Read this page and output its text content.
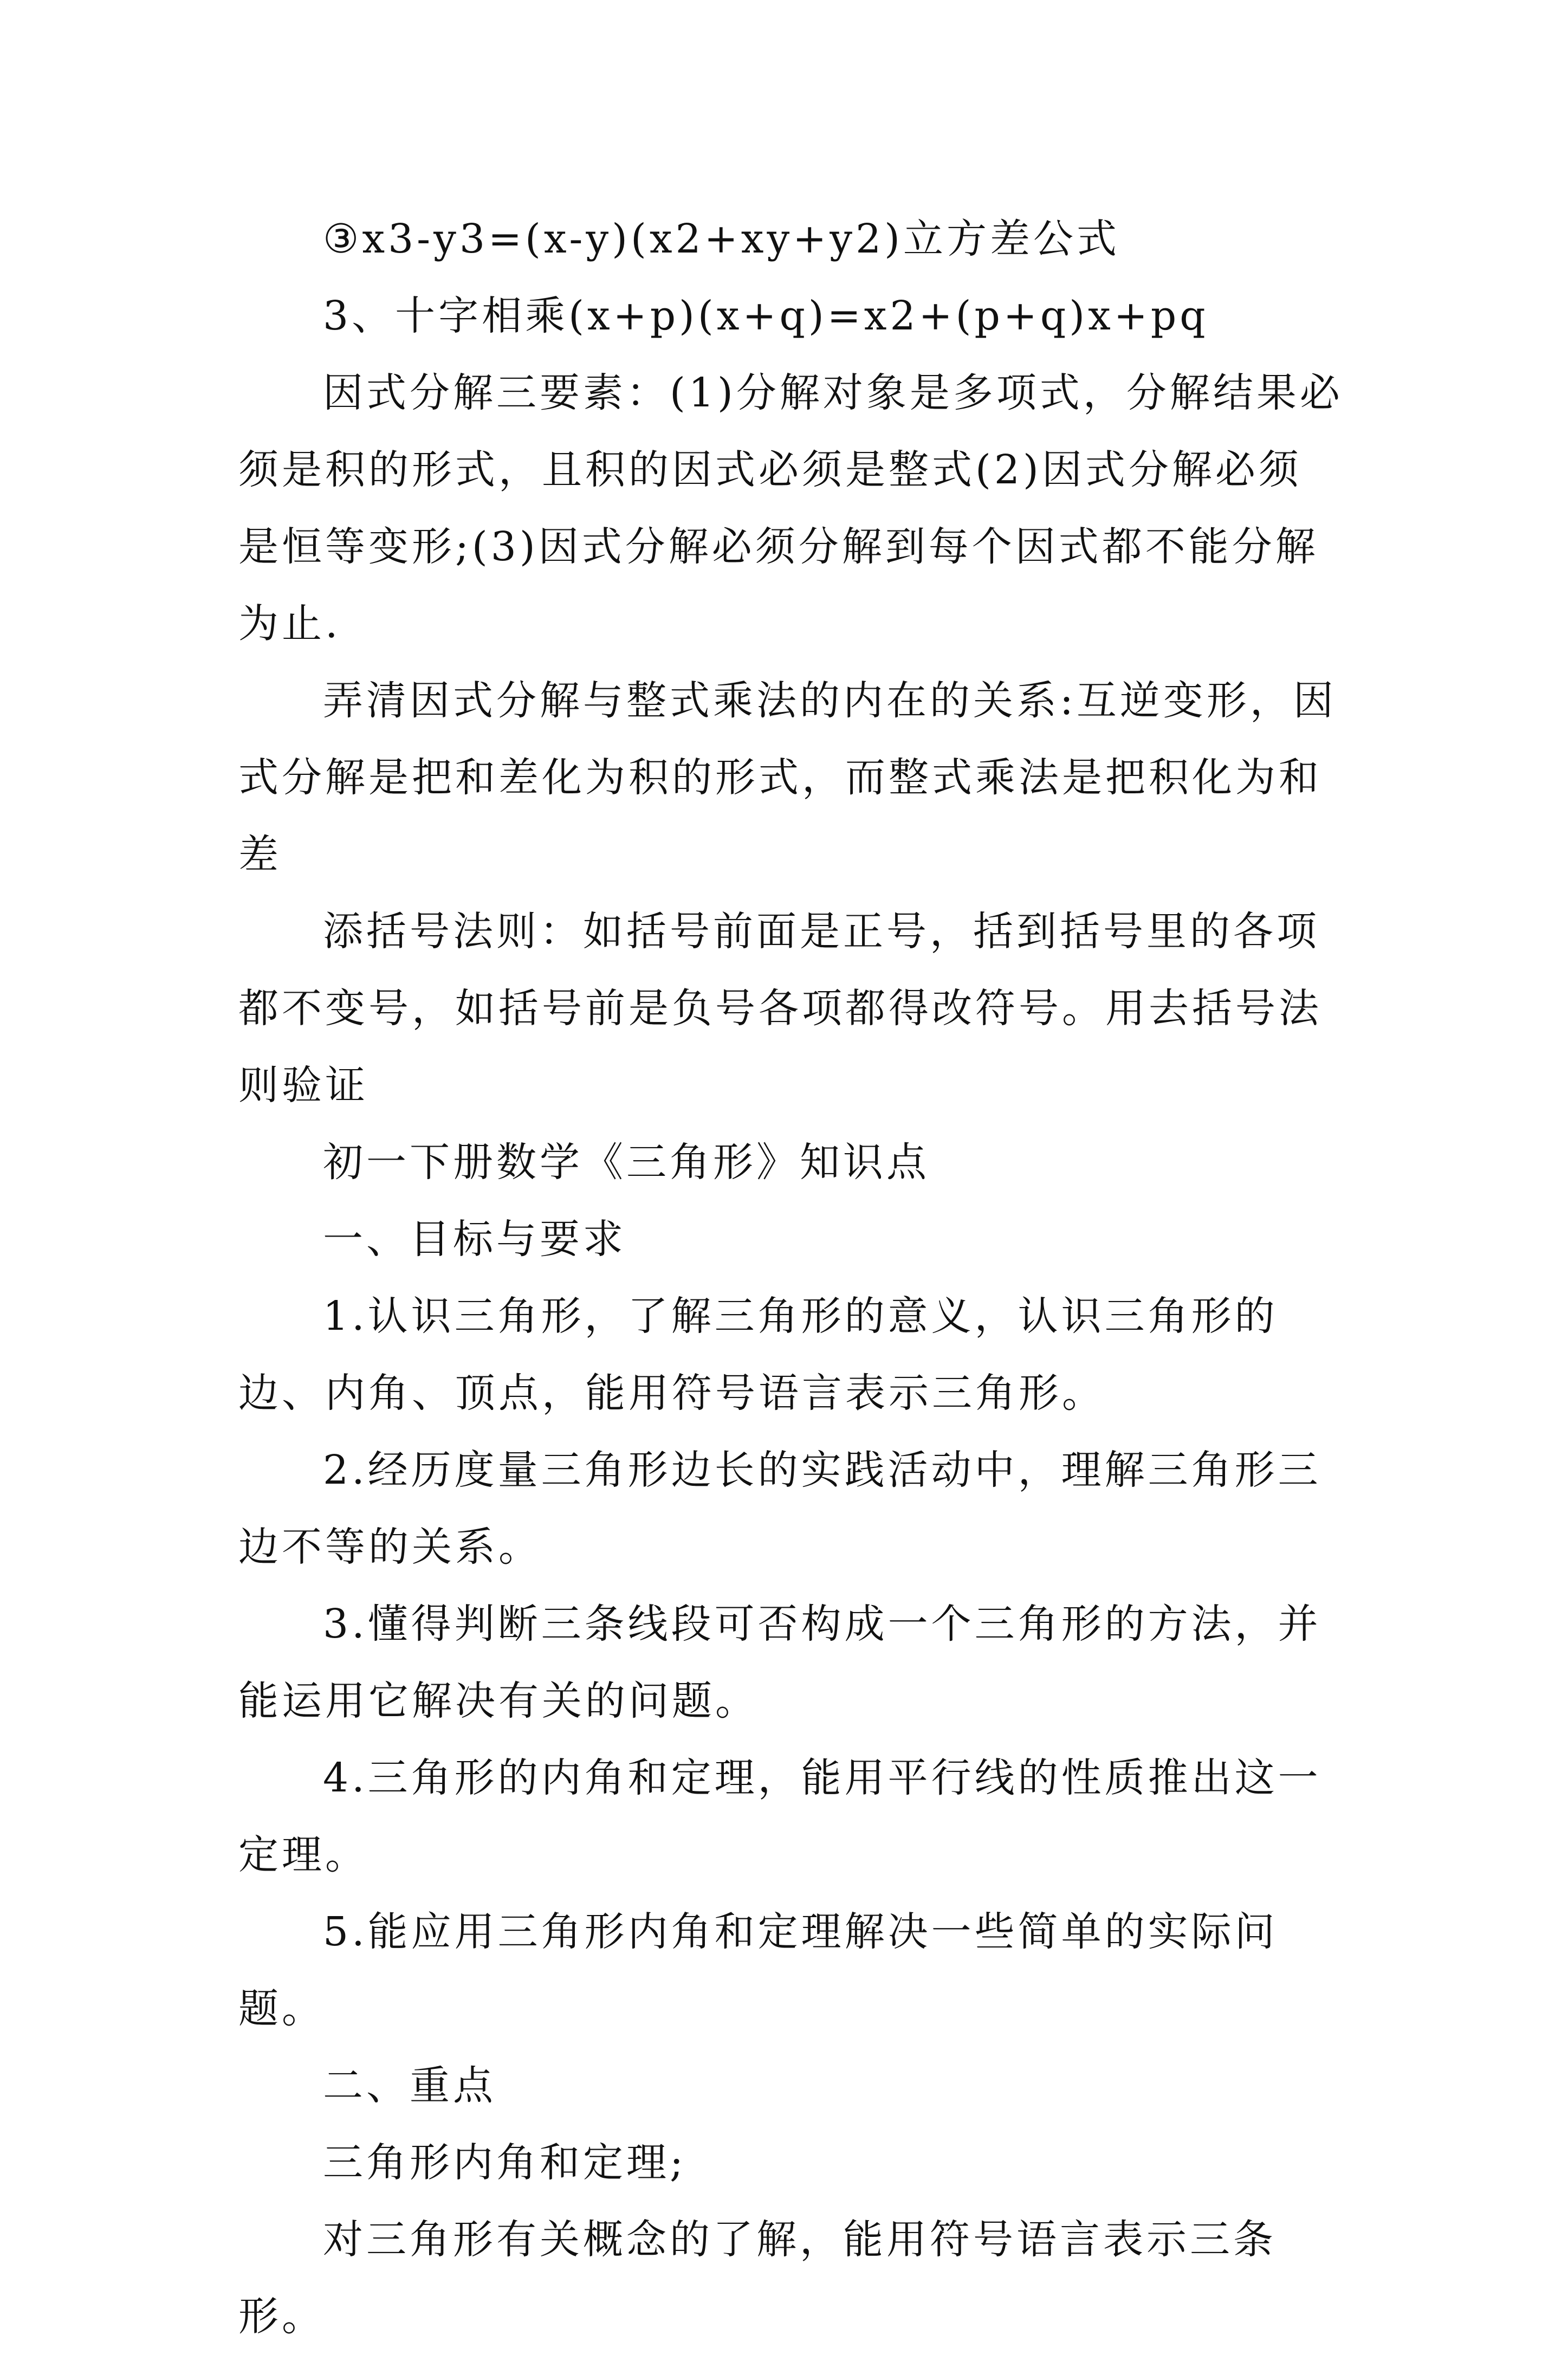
③x3-y3=(x-y)(x2+xy+y2)立方差公式

3、十字相乘(x+p)(x+q)=x2+(p+q)x+pq

因式分解三要素：(1)分解对象是多项式，分解结果必须是积的形式，且积的因式必须是整式(2)因式分解必须是恒等变形;(3)因式分解必须分解到每个因式都不能分解为止.

弄清因式分解与整式乘法的内在的关系:互逆变形，因式分解是把和差化为积的形式，而整式乘法是把积化为和差

添括号法则：如括号前面是正号，括到括号里的各项都不变号，如括号前是负号各项都得改符号。用去括号法则验证

初一下册数学《三角形》知识点

一、目标与要求

1.认识三角形，了解三角形的意义，认识三角形的边、内角、顶点，能用符号语言表示三角形。

2.经历度量三角形边长的实践活动中，理解三角形三边不等的关系。

3.懂得判断三条线段可否构成一个三角形的方法，并能运用它解决有关的问题。

4.三角形的内角和定理，能用平行线的性质推出这一定理。

5.能应用三角形内角和定理解决一些简单的实际问题。

二、重点

三角形内角和定理;

对三角形有关概念的了解，能用符号语言表示三条形。
